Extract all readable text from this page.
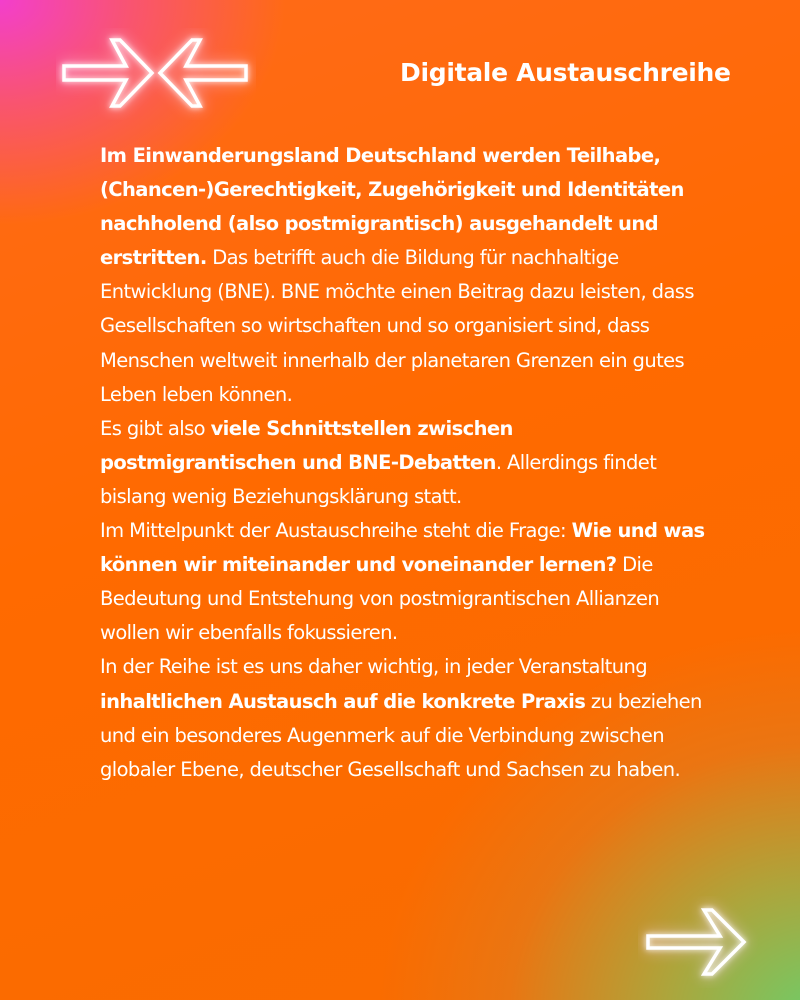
Digitale Austauschreihe

Im Einwanderungsland Deutschland werden Teilhabe, (Chancen-)Gerechtigkeit, Zugehörigkeit und Identitäten nachholend (also postmigrantisch) ausgehandelt und erstritten. Das betrifft auch die Bildung für nachhaltige Entwicklung (BNE). BNE möchte einen Beitrag dazu leisten, dass Gesellschaften so wirtschaften und so organisiert sind, dass Menschen weltweit innerhalb der planetaren Grenzen ein gutes Leben leben können.

Es gibt also viele Schnittstellen zwischen postmigrantischen und BNE-Debatten. Allerdings findet bislang wenig Beziehungsklärung statt.

Im Mittelpunkt der Austauschreihe steht die Frage: Wie und was können wir miteinander und voneinander lernen? Die Bedeutung und Entstehung von postmigrantischen Allianzen wollen wir ebenfalls fokussieren.

In der Reihe ist es uns daher wichtig, in jeder Veranstaltung inhaltlichen Austausch auf die konkrete Praxis zu beziehen und ein besonderes Augenmerk auf die Verbindung zwischen globaler Ebene, deutscher Gesellschaft und Sachsen zu haben.
